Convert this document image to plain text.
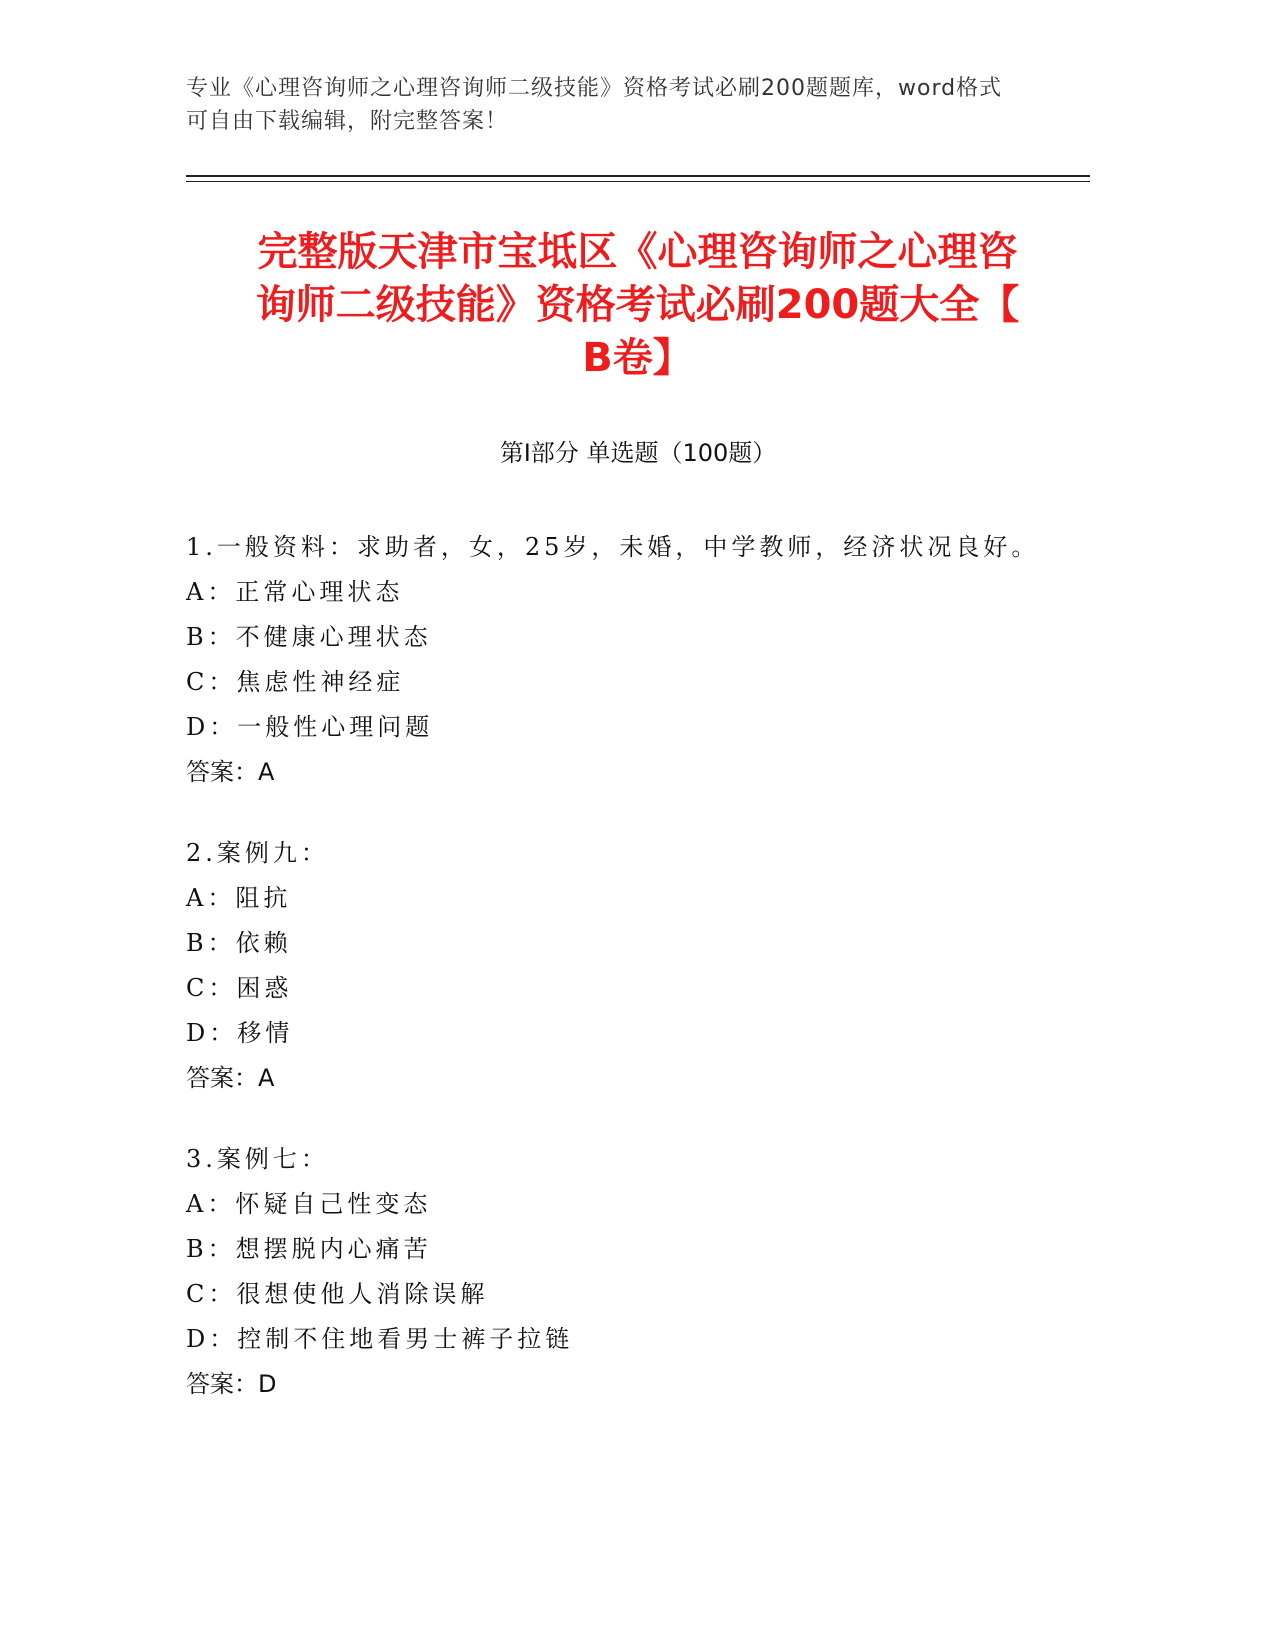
专业《心理咨询师之心理咨询师二级技能》资格考试必刷200题题库，word格式
可自由下载编辑，附完整答案！
完整版天津市宝坻区《心理咨询师之心理咨
询师二级技能》资格考试必刷200题大全【
B卷】
第Ⅰ部分 单选题（100题）
1.一般资料：求助者，女，25岁，未婚，中学教师，经济状况良好。
A：正常心理状态
B：不健康心理状态
C：焦虑性神经症
D：一般性心理问题
答案：A
2.案例九：
A：阻抗
B：依赖
C：困惑
D：移情
答案：A
3.案例七：
A：怀疑自己性变态
B：想摆脱内心痛苦
C：很想使他人消除误解
D：控制不住地看男士裤子拉链
答案：D
